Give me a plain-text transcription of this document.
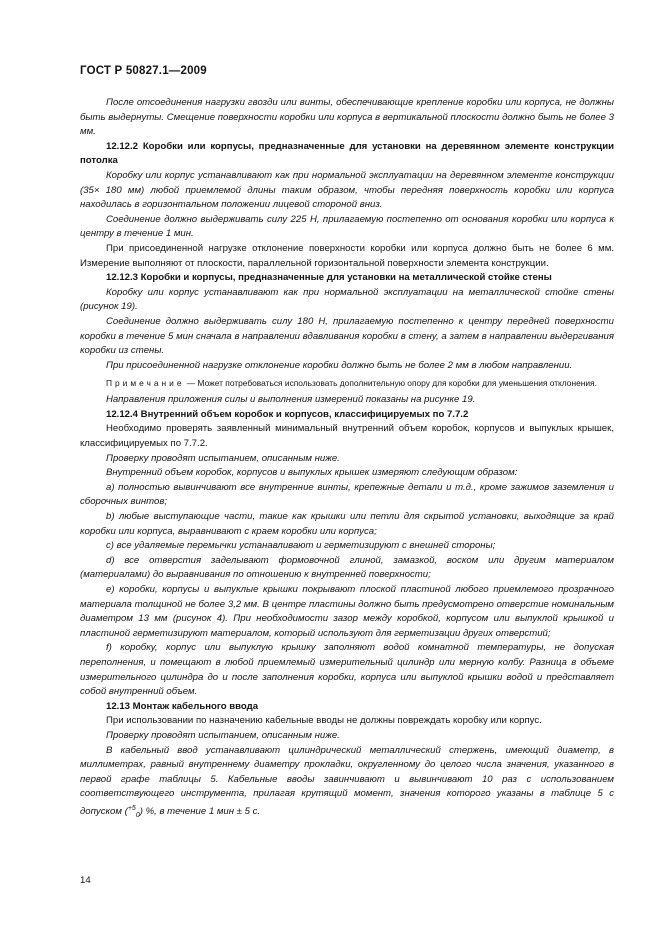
ГОСТ Р 50827.1—2009

После отсоединения нагрузки гвозди или винты, обеспечивающие крепление коробки или корпуса, не должны быть выдернуты. Смещение поверхности коробки или корпуса в вертикальной плоскости должно быть не более 3 мм.

12.12.2 Коробки или корпусы, предназначенные для установки на деревянном элементе конструкции потолка

Коробку или корпус устанавливают как при нормальной эксплуатации на деревянном элементе конструкции (35× 180 мм) любой приемлемой длины таким образом, чтобы передняя поверхность коробки или корпуса находилась в горизонтальном положении лицевой стороной вниз.

Соединение должно выдерживать силу 225 Н, прилагаемую постепенно от основания коробки или корпуса к центру в течение 1 мин.

При присоединенной нагрузке отклонение поверхности коробки или корпуса должно быть не более 6 мм. Измерение выполняют от плоскости, параллельной горизонтальной поверхности элемента конструкции.

12.12.3 Коробки и корпусы, предназначенные для установки на металлической стойке стены

Коробку или корпус устанавливают как при нормальной эксплуатации на металлической стойке стены (рисунок 19).

Соединение должно выдерживать силу 180 Н, прилагаемую постепенно к центру передней поверхности коробки в течение 5 мин сначала в направлении вдавливания коробки в стену, а затем в направлении выдергивания коробки из стены.

При присоединенной нагрузке отклонение коробки должно быть не более 2 мм в любом направлении.

Примечание — Может потребоваться использовать дополнительную опору для коробки для уменьшения отклонения.

Направления приложения силы и выполнения измерений показаны на рисунке 19.

12.12.4 Внутренний объем коробок и корпусов, классифицируемых по 7.7.2

Необходимо проверять заявленный минимальный внутренний объем коробок, корпусов и выпуклых крышек, классифицируемых по 7.7.2.

Проверку проводят испытанием, описанным ниже.

Внутренний объем коробок, корпусов и выпуклых крышек измеряют следующим образом:

a) полностью вывинчивают все внутренние винты, крепежные детали и т.д., кроме зажимов заземления и сборочных винтов;

b) любые выступающие части, такие как крышки или петли для скрытой установки, выходящие за край коробки или корпуса, выравнивают с краем коробки или корпуса;

c) все удаляемые перемычки устанавливают и герметизируют с внешней стороны;

d) все отверстия заделывают формовочной глиной, замазкой, воском или другим материалом (материалами) до выравнивания по отношению к внутренней поверхности;

e) коробки, корпусы и выпуклые крышки покрывают плоской пластиной любого приемлемого прозрачного материала толщиной не более 3,2 мм. В центре пластины должно быть предусмотрено отверстие номинальным диаметром 13 мм (рисунок 4). При необходимости зазор между коробкой, корпусом или выпуклой крышкой и пластиной герметизируют материалом, который используют для герметизации других отверстий;

f) коробку, корпус или выпуклую крышку заполняют водой комнатной температуры, не допуская переполнения, и помещают в любой приемлемый измерительный цилиндр или мерную колбу. Разница в объеме измерительного цилиндра до и после заполнения коробки, корпуса или выпуклой крышки водой и представляет собой внутренний объем.

12.13 Монтаж кабельного ввода

При использовании по назначению кабельные вводы не должны повреждать коробку или корпус.

Проверку проводят испытанием, описанным ниже.

В кабельный ввод устанавливают цилиндрический металлический стержень, имеющий диаметр, в миллиметрах, равный внутреннему диаметру прокладки, округленному до целого числа значения, указанного в первой графе таблицы 5. Кабельные вводы завинчивают и вывинчивают 10 раз с использованием соответствующего инструмента, прилагая крутящий момент, значения которого указаны в таблице 5 с допуском ($^{+5}_0$) %, в течение 1 мин ± 5 с.

14
